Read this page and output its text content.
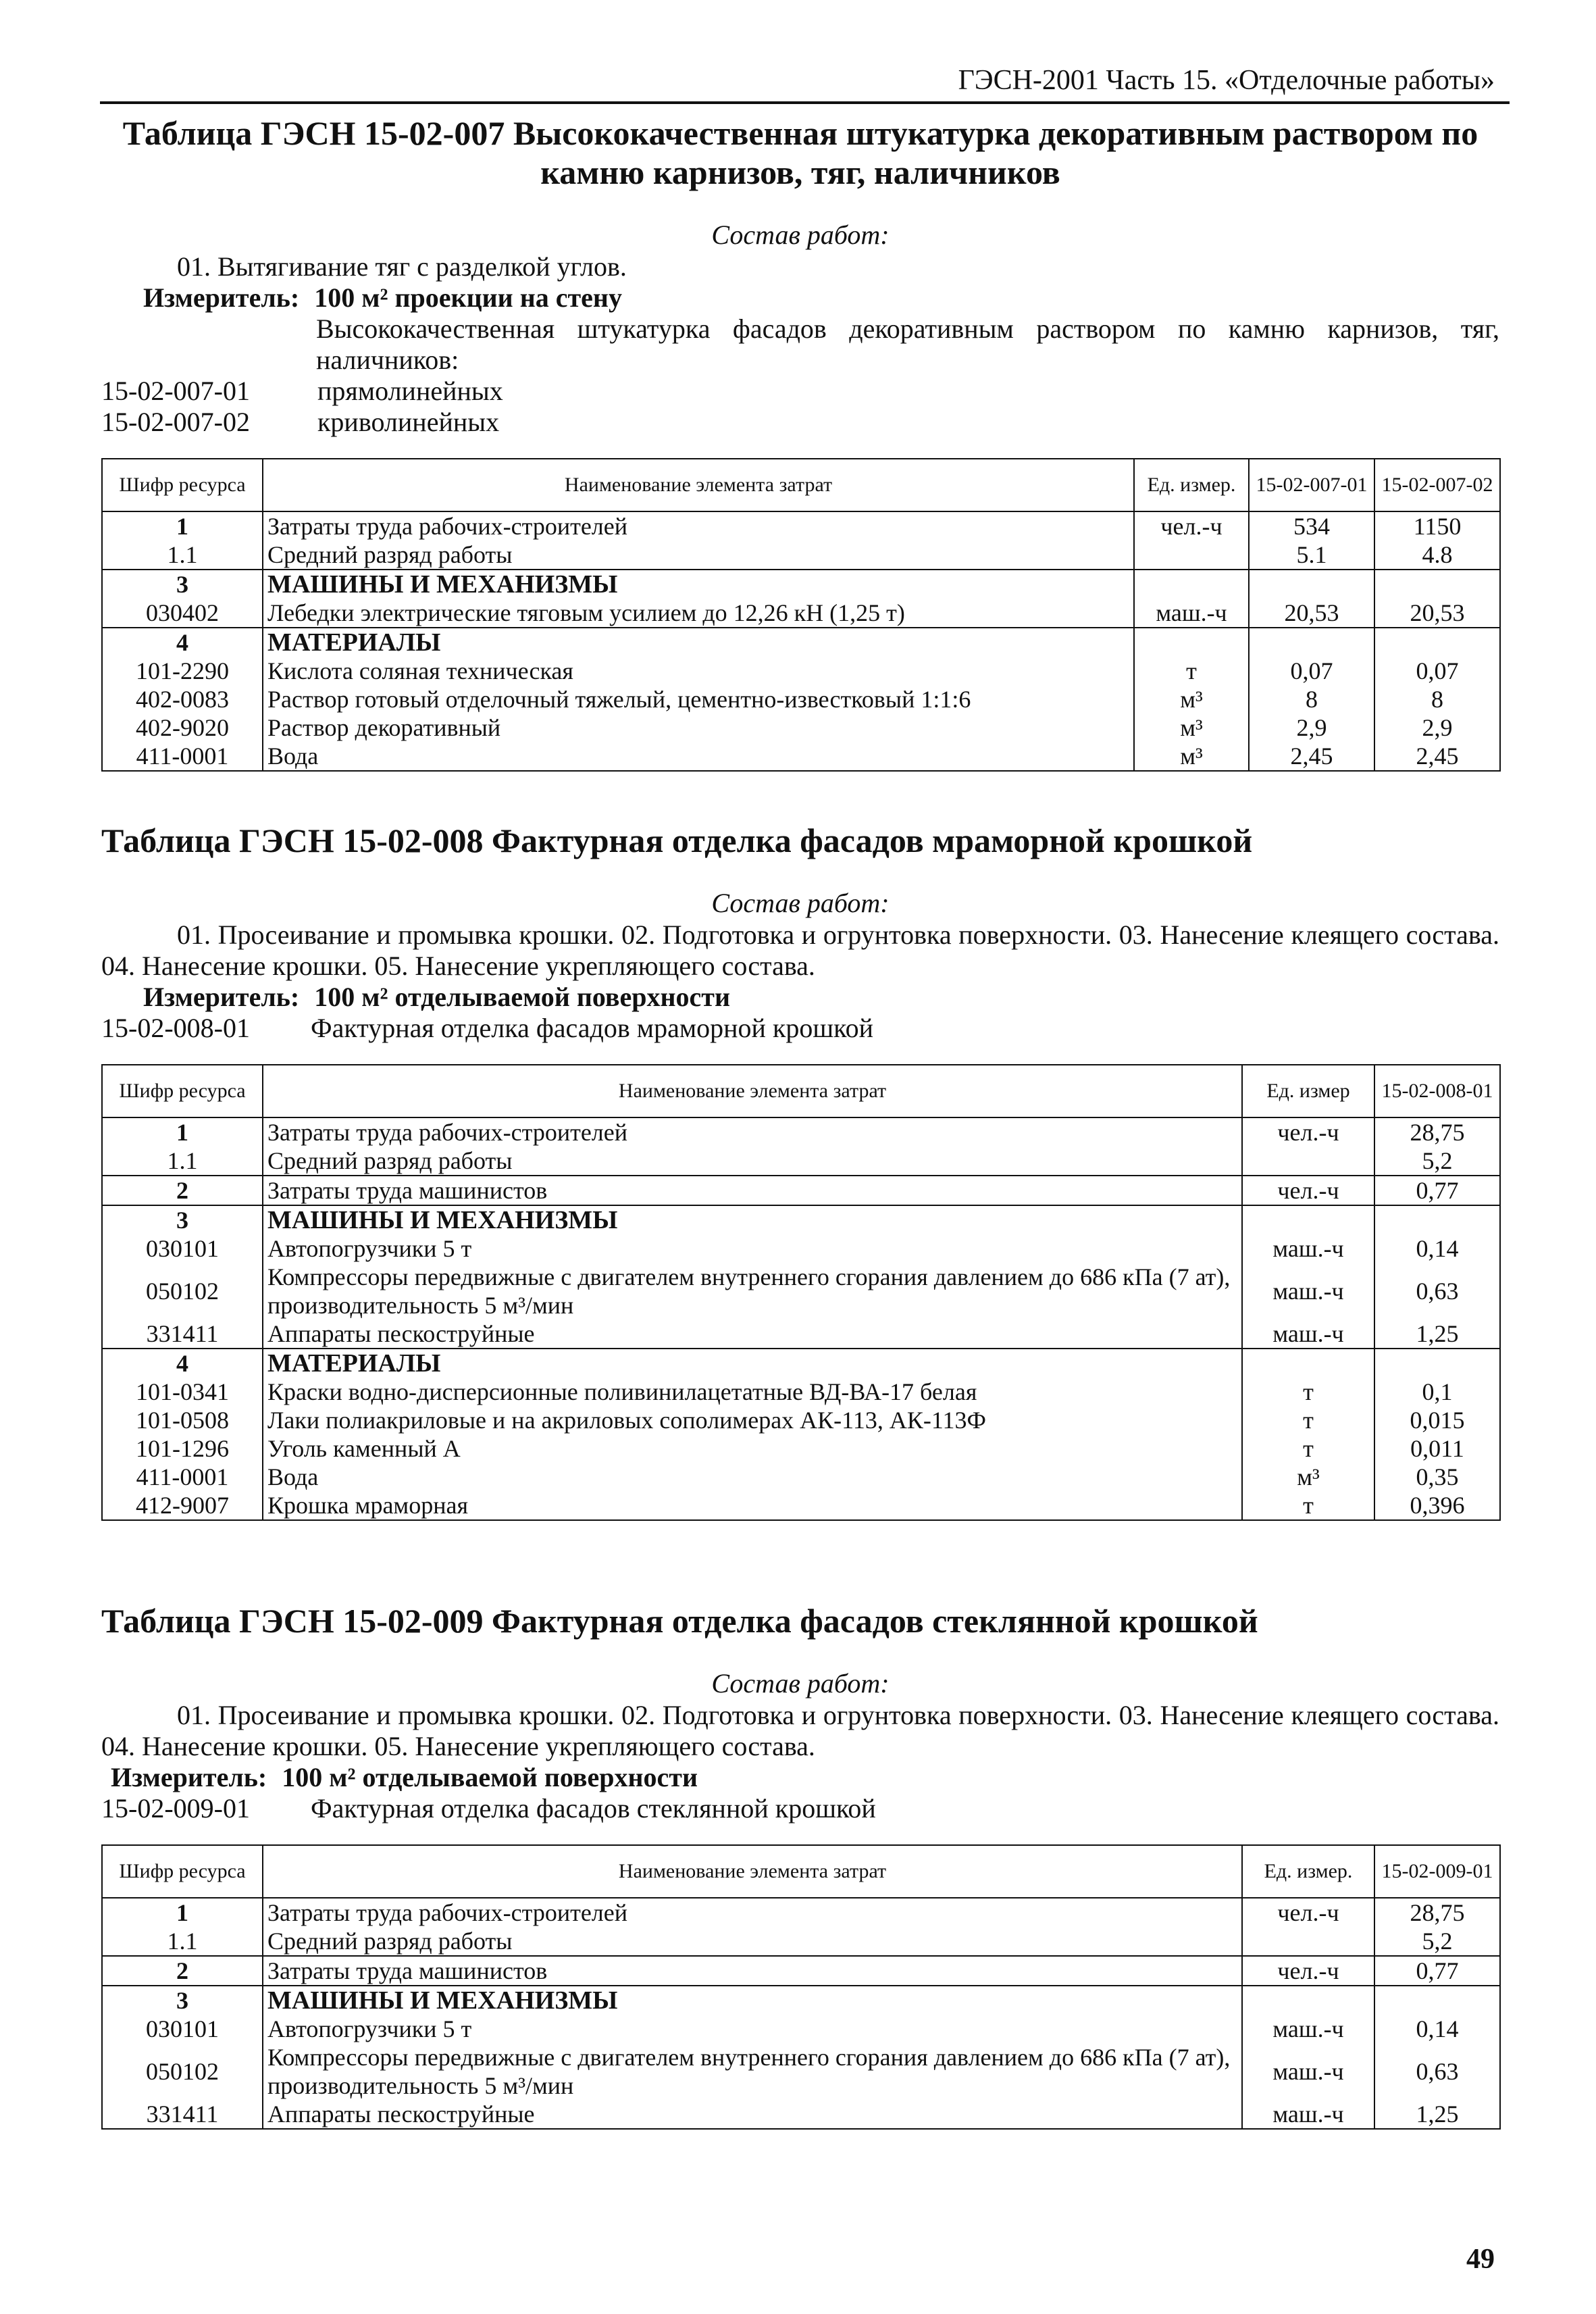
ГЭСН-2001 Часть 15. «Отделочные работы»
Таблица ГЭСН 15-02-007 Высококачественная штукатурка декоративным раствором по камню карнизов, тяг, наличников
Состав работ:

01. Вытягивание тяг с разделкой углов.

Измеритель: 100 м² проекции на стену
Высококачественная штукатурка фасадов декоративным раствором по камню карнизов, тяг, наличников:
15-02-007-01	прямолинейных
15-02-007-02	криволинейных
Шифр ресурса	Наименование элемента затрат	Ед. измер.	15-02-007-01	15-02-007-02
1	Затраты труда рабочих-строителей	чел.-ч	534	1150
1.1	Средний разряд работы		5.1	4.8
3	МАШИНЫ И МЕХАНИЗМЫ			
030402	Лебедки электрические тяговым усилием до 12,26 кН (1,25 т)	маш.-ч	20,53	20,53
4	МАТЕРИАЛЫ			
101-2290	Кислота соляная техническая	т	0,07	0,07
402-0083	Раствор готовый отделочный тяжелый, цементно-известковый 1:1:6	м³	8	8
402-9020	Раствор декоративный	м³	2,9	2,9
411-0001	Вода	м³	2,45	2,45
Таблица ГЭСН 15-02-008 Фактурная отделка фасадов мраморной крошкой
Состав работ:

01. Просеивание и промывка крошки. 02. Подготовка и огрунтовка поверхности. 03. Нанесение клеящего состава. 04. Нанесение крошки. 05. Нанесение укрепляющего состава.

Измеритель: 100 м² отделываемой поверхности
15-02-008-01	Фактурная отделка фасадов мраморной крошкой
Шифр ресурса	Наименование элемента затрат	Ед. измер	15-02-008-01
1	Затраты труда рабочих-строителей	чел.-ч	28,75
1.1	Средний разряд работы		5,2
2	Затраты труда машинистов	чел.-ч	0,77
3	МАШИНЫ И МЕХАНИЗМЫ		
030101	Автопогрузчики 5 т	маш.-ч	0,14
050102	Компрессоры передвижные с двигателем внутреннего сгорания давлением до 686 кПа (7 ат), производительность 5 м³/мин	маш.-ч	0,63
331411	Аппараты пескоструйные	маш.-ч	1,25
4	МАТЕРИАЛЫ		
101-0341	Краски водно-дисперсионные поливинилацетатные ВД-ВА-17 белая	т	0,1
101-0508	Лаки полиакриловые и на акриловых сополимерах АК-113, АК-113Ф	т	0,015
101-1296	Уголь каменный А	т	0,011
411-0001	Вода	м³	0,35
412-9007	Крошка мраморная	т	0,396
Таблица ГЭСН 15-02-009 Фактурная отделка фасадов стеклянной крошкой
Состав работ:

01. Просеивание и промывка крошки. 02. Подготовка и огрунтовка поверхности. 03. Нанесение клеящего состава. 04. Нанесение крошки. 05. Нанесение укрепляющего состава.

Измеритель: 100 м² отделываемой поверхности
15-02-009-01	Фактурная отделка фасадов стеклянной крошкой
Шифр ресурса	Наименование элемента затрат	Ед. измер.	15-02-009-01
1	Затраты труда рабочих-строителей	чел.-ч	28,75
1.1	Средний разряд работы		5,2
2	Затраты труда машинистов	чел.-ч	0,77
3	МАШИНЫ И МЕХАНИЗМЫ		
030101	Автопогрузчики 5 т	маш.-ч	0,14
050102	Компрессоры передвижные с двигателем внутреннего сгорания давлением до 686 кПа (7 ат), производительность 5 м³/мин	маш.-ч	0,63
331411	Аппараты пескоструйные	маш.-ч	1,25
49
